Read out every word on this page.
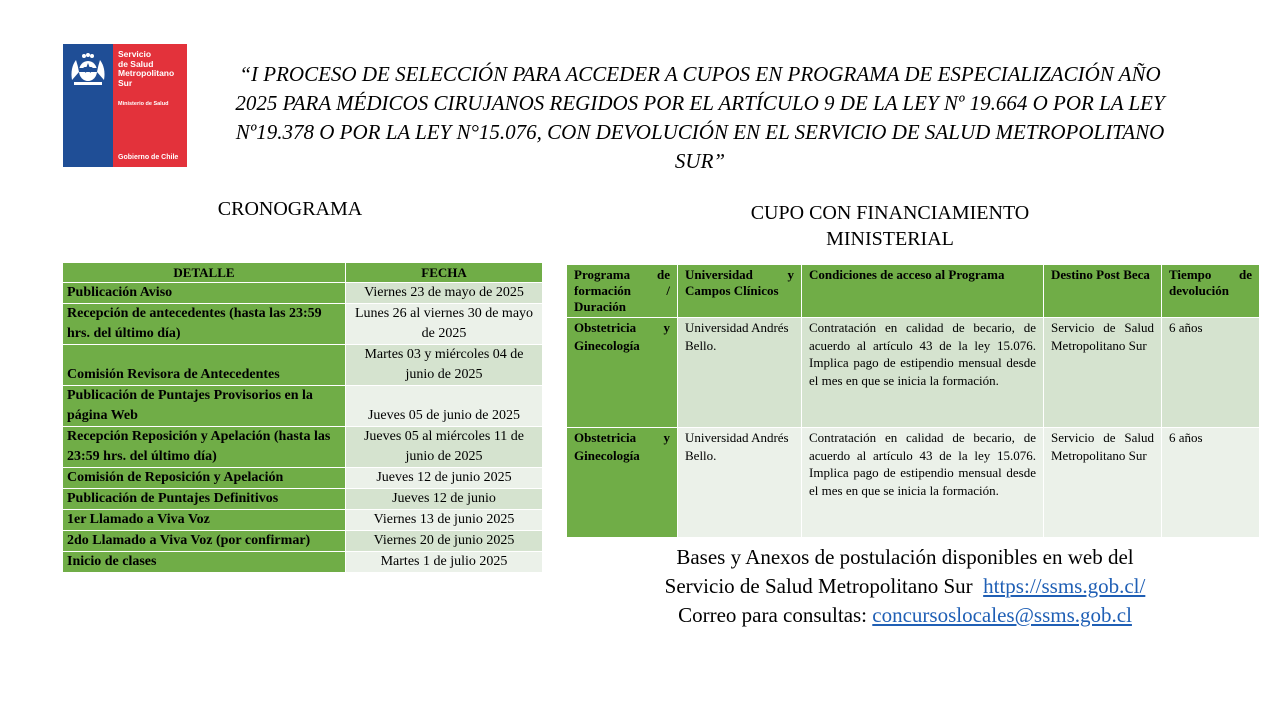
Servicio
de Salud
Metropolitano
Sur
Ministerio de Salud
Gobierno de Chile
“I PROCESO DE SELECCIÓN PARA ACCEDER A CUPOS EN PROGRAMA DE ESPECIALIZACIÓN AÑO 2025 PARA MÉDICOS CIRUJANOS REGIDOS POR EL ARTÍCULO 9 DE LA LEY Nº 19.664 O POR LA LEY Nº19.378 O POR LA LEY N°15.076, CON DEVOLUCIÓN EN EL SERVICIO DE SALUD METROPOLITANO SUR”
CRONOGRAMA	CUPO CON FINANCIAMIENTO MINISTERIAL
DETALLE	FECHA
Publicación Aviso	Viernes 23 de mayo de 2025
Recepción de antecedentes (hasta las 23:59 hrs. del último día)	Lunes 26 al viernes 30 de mayo de 2025
Comisión Revisora de Antecedentes	Martes 03 y miércoles 04 de junio de 2025
Publicación de Puntajes Provisorios en la página Web	Jueves 05 de junio de 2025
Recepción Reposición y Apelación (hasta las 23:59 hrs. del último día)	Jueves 05 al miércoles 11 de junio de 2025
Comisión de Reposición y Apelación	Jueves 12 de junio 2025
Publicación de Puntajes Definitivos	Jueves 12 de junio
1er Llamado a Viva Voz	Viernes 13 de junio 2025
2do Llamado a Viva Voz (por confirmar)	Viernes 20 de junio 2025
Inicio de clases	Martes 1 de julio 2025
Programa de formación / Duración	Universidad y Campos Clínicos	Condiciones de acceso al Programa	Destino Post Beca	Tiempo de devolución
Obstetricia y Ginecología	Universidad Andrés Bello.	Contratación en calidad de becario, de acuerdo al artículo 43 de la ley 15.076. Implica pago de estipendio mensual desde el mes en que se inicia la formación.	Servicio de Salud Metropolitano Sur	6 años
Obstetricia y Ginecología	Universidad Andrés Bello.	Contratación en calidad de becario, de acuerdo al artículo 43 de la ley 15.076. Implica pago de estipendio mensual desde el mes en que se inicia la formación.	Servicio de Salud Metropolitano Sur	6 años
Bases y Anexos de postulación disponibles en web del
Servicio de Salud Metropolitano Sur https://ssms.gob.cl/
Correo para consultas: concursoslocales@ssms.gob.cl
